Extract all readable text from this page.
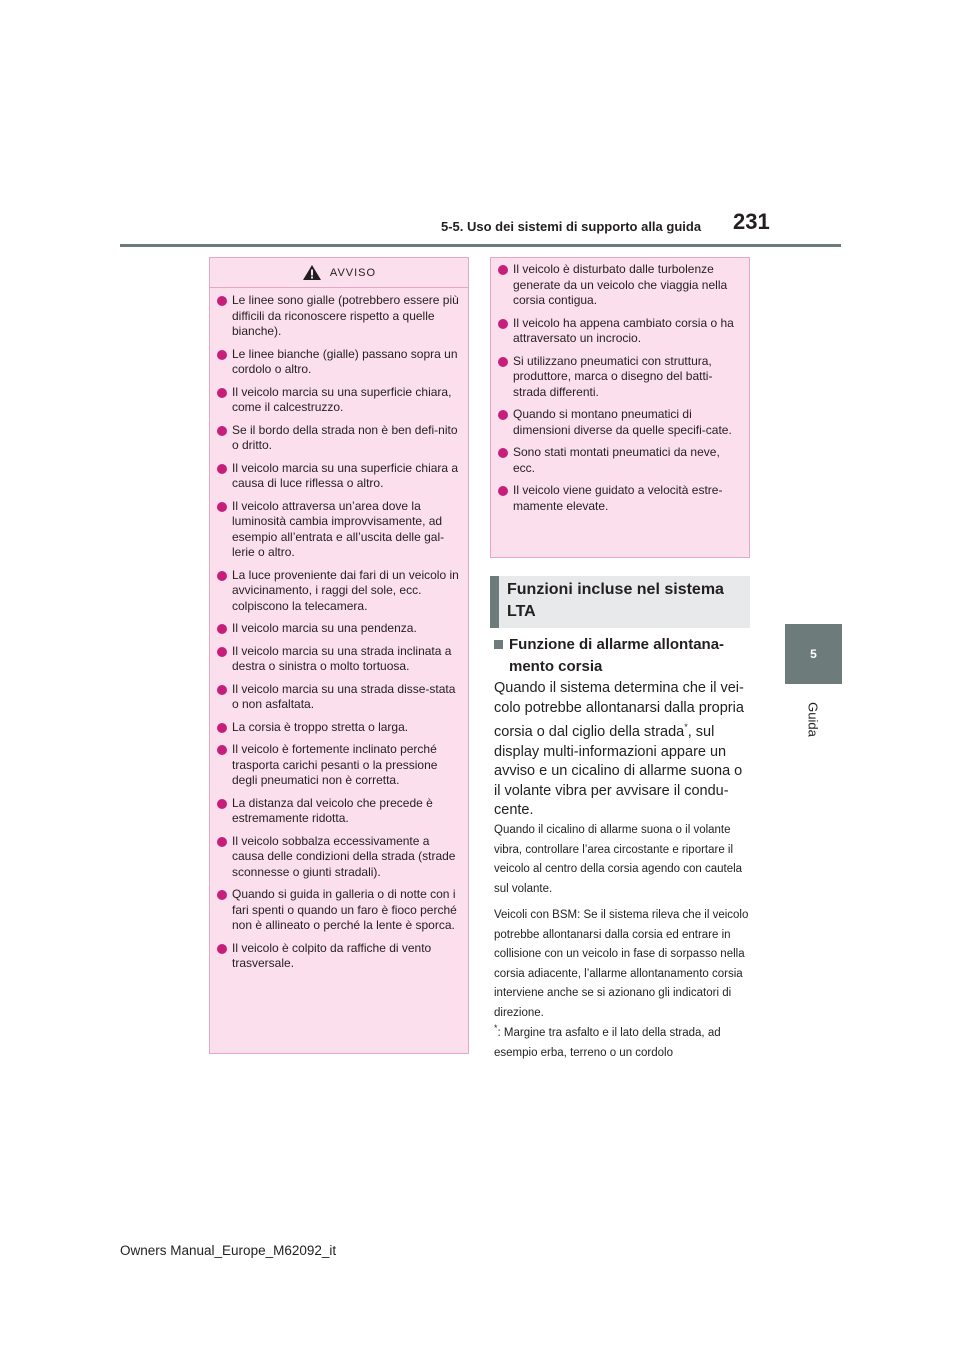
5-5. Uso dei sistemi di supporto alla guida 231
5
Guida
AVVISO
Le linee sono gialle (potrebbero essere più difficili da riconoscere rispetto a quelle bianche).
Le linee bianche (gialle) passano sopra un cordolo o altro.
Il veicolo marcia su una superficie chiara, come il calcestruzzo.
Se il bordo della strada non è ben defi-nito o dritto.
Il veicolo marcia su una superficie chiara a causa di luce riflessa o altro.
Il veicolo attraversa un’area dove la luminosità cambia improvvisamente, ad esempio all’entrata e all’uscita delle gal-lerie o altro.
La luce proveniente dai fari di un veicolo in avvicinamento, i raggi del sole, ecc. colpiscono la telecamera.
Il veicolo marcia su una pendenza.
Il veicolo marcia su una strada inclinata a destra o sinistra o molto tortuosa.
Il veicolo marcia su una strada disse-stata o non asfaltata.
La corsia è troppo stretta o larga.
Il veicolo è fortemente inclinato perché trasporta carichi pesanti o la pressione degli pneumatici non è corretta.
La distanza dal veicolo che precede è estremamente ridotta.
Il veicolo sobbalza eccessivamente a causa delle condizioni della strada (strade sconnesse o giunti stradali).
Quando si guida in galleria o di notte con i fari spenti o quando un faro è fioco perché non è allineato o perché la lente è sporca.
Il veicolo è colpito da raffiche di vento trasversale.
Il veicolo è disturbato dalle turbolenze generate da un veicolo che viaggia nella corsia contigua.
Il veicolo ha appena cambiato corsia o ha attraversato un incrocio.
Si utilizzano pneumatici con struttura, produttore, marca o disegno del batti-strada differenti.
Quando si montano pneumatici di dimensioni diverse da quelle specifi-cate.
Sono stati montati pneumatici da neve, ecc.
Il veicolo viene guidato a velocità estre-mamente elevate.
Funzioni incluse nel sistema LTA
Funzione di allarme allontana-mento corsia
Quando il sistema determina che il vei-colo potrebbe allontanarsi dalla propria corsia o dal ciglio della strada*, sul display multi-informazioni appare un avviso e un cicalino di allarme suona o il volante vibra per avvisare il condu-cente.
Quando il cicalino di allarme suona o il volante vibra, controllare l’area circostante e riportare il veicolo al centro della corsia agendo con cautela sul volante.
Veicoli con BSM: Se il sistema rileva che il veicolo potrebbe allontanarsi dalla corsia ed entrare in collisione con un veicolo in fase di sorpasso nella corsia adiacente, l’allarme allontanamento corsia interviene anche se si azionano gli indicatori di direzione.
*: Margine tra asfalto e il lato della strada, ad esempio erba, terreno o un cordolo
Owners Manual_Europe_M62092_it
